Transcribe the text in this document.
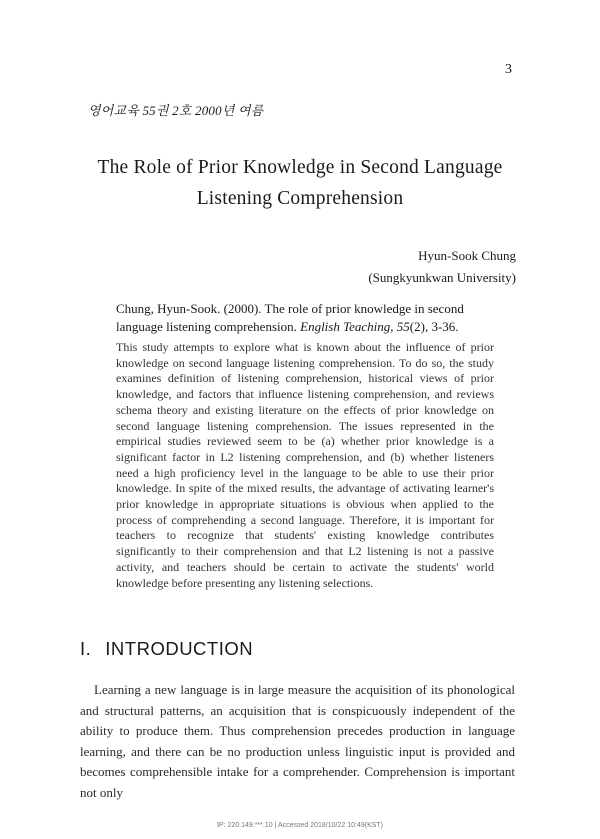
3
영어교육 55권 2호 2000년 여름
The Role of Prior Knowledge in Second Language Listening Comprehension
Hyun-Sook Chung
(Sungkyunkwan University)
Chung, Hyun-Sook. (2000). The role of prior knowledge in second language listening comprehension. English Teaching, 55(2), 3-36.
This study attempts to explore what is known about the influence of prior knowledge on second language listening comprehension. To do so, the study examines definition of listening comprehension, historical views of prior knowledge, and factors that influence listening comprehension, and reviews schema theory and existing literature on the effects of prior knowledge on second language listening comprehension. The issues represented in the empirical studies reviewed seem to be (a) whether prior knowledge is a significant factor in L2 listening comprehension, and (b) whether listeners need a high proficiency level in the language to be able to use their prior knowledge. In spite of the mixed results, the advantage of activating learner's prior knowledge in appropriate situations is obvious when applied to the process of comprehending a second language. Therefore, it is important for teachers to recognize that students' existing knowledge contributes significantly to their comprehension and that L2 listening is not a passive activity, and teachers should be certain to activate the students' world knowledge before presenting any listening selections.
I. INTRODUCTION
Learning a new language is in large measure the acquisition of its phonological and structural patterns, an acquisition that is conspicuously independent of the ability to produce them. Thus comprehension precedes production in language learning, and there can be no production unless linguistic input is provided and becomes comprehensible intake for a comprehender. Comprehension is important not only
IP: 220.149.***.10 | Accessed 2018/10/22 10:49(KST)
